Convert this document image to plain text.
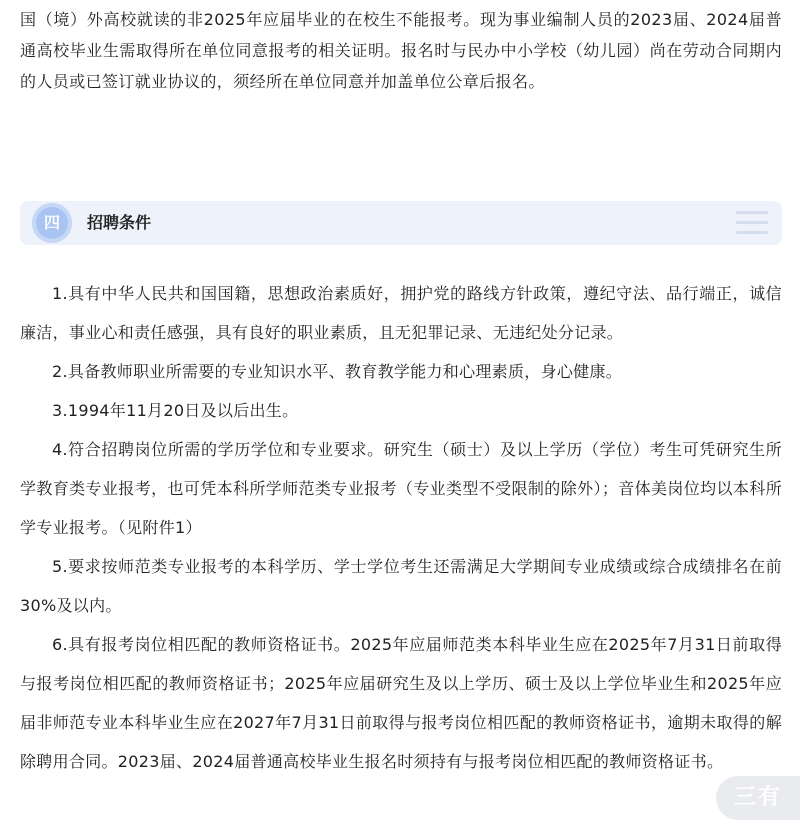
国（境）外高校就读的非2025年应届毕业的在校生不能报考。现为事业编制人员的2023届、2024届普通高校毕业生需取得所在单位同意报考的相关证明。报名时与民办中小学校（幼儿园）尚在劳动合同期内的人员或已签订就业协议的，须经所在单位同意并加盖单位公章后报名。

四	招聘条件

1.具有中华人民共和国国籍，思想政治素质好，拥护党的路线方针政策，遵纪守法、品行端正，诚信廉洁，事业心和责任感强，具有良好的职业素质，且无犯罪记录、无违纪处分记录。

2.具备教师职业所需要的专业知识水平、教育教学能力和心理素质，身心健康。

3.1994年11月20日及以后出生。

4.符合招聘岗位所需的学历学位和专业要求。研究生（硕士）及以上学历（学位）考生可凭研究生所学教育类专业报考，也可凭本科所学师范类专业报考（专业类型不受限制的除外）；音体美岗位均以本科所学专业报考。（见附件1）

5.要求按师范类专业报考的本科学历、学士学位考生还需满足大学期间专业成绩或综合成绩排名在前30%及以内。

6.具有报考岗位相匹配的教师资格证书。2025年应届师范类本科毕业生应在2025年7月31日前取得与报考岗位相匹配的教师资格证书；2025年应届研究生及以上学历、硕士及以上学位毕业生和2025年应届非师范专业本科毕业生应在2027年7月31日前取得与报考岗位相匹配的教师资格证书，逾期未取得的解除聘用合同。2023届、2024届普通高校毕业生报名时须持有与报考岗位相匹配的教师资格证书。

三有
